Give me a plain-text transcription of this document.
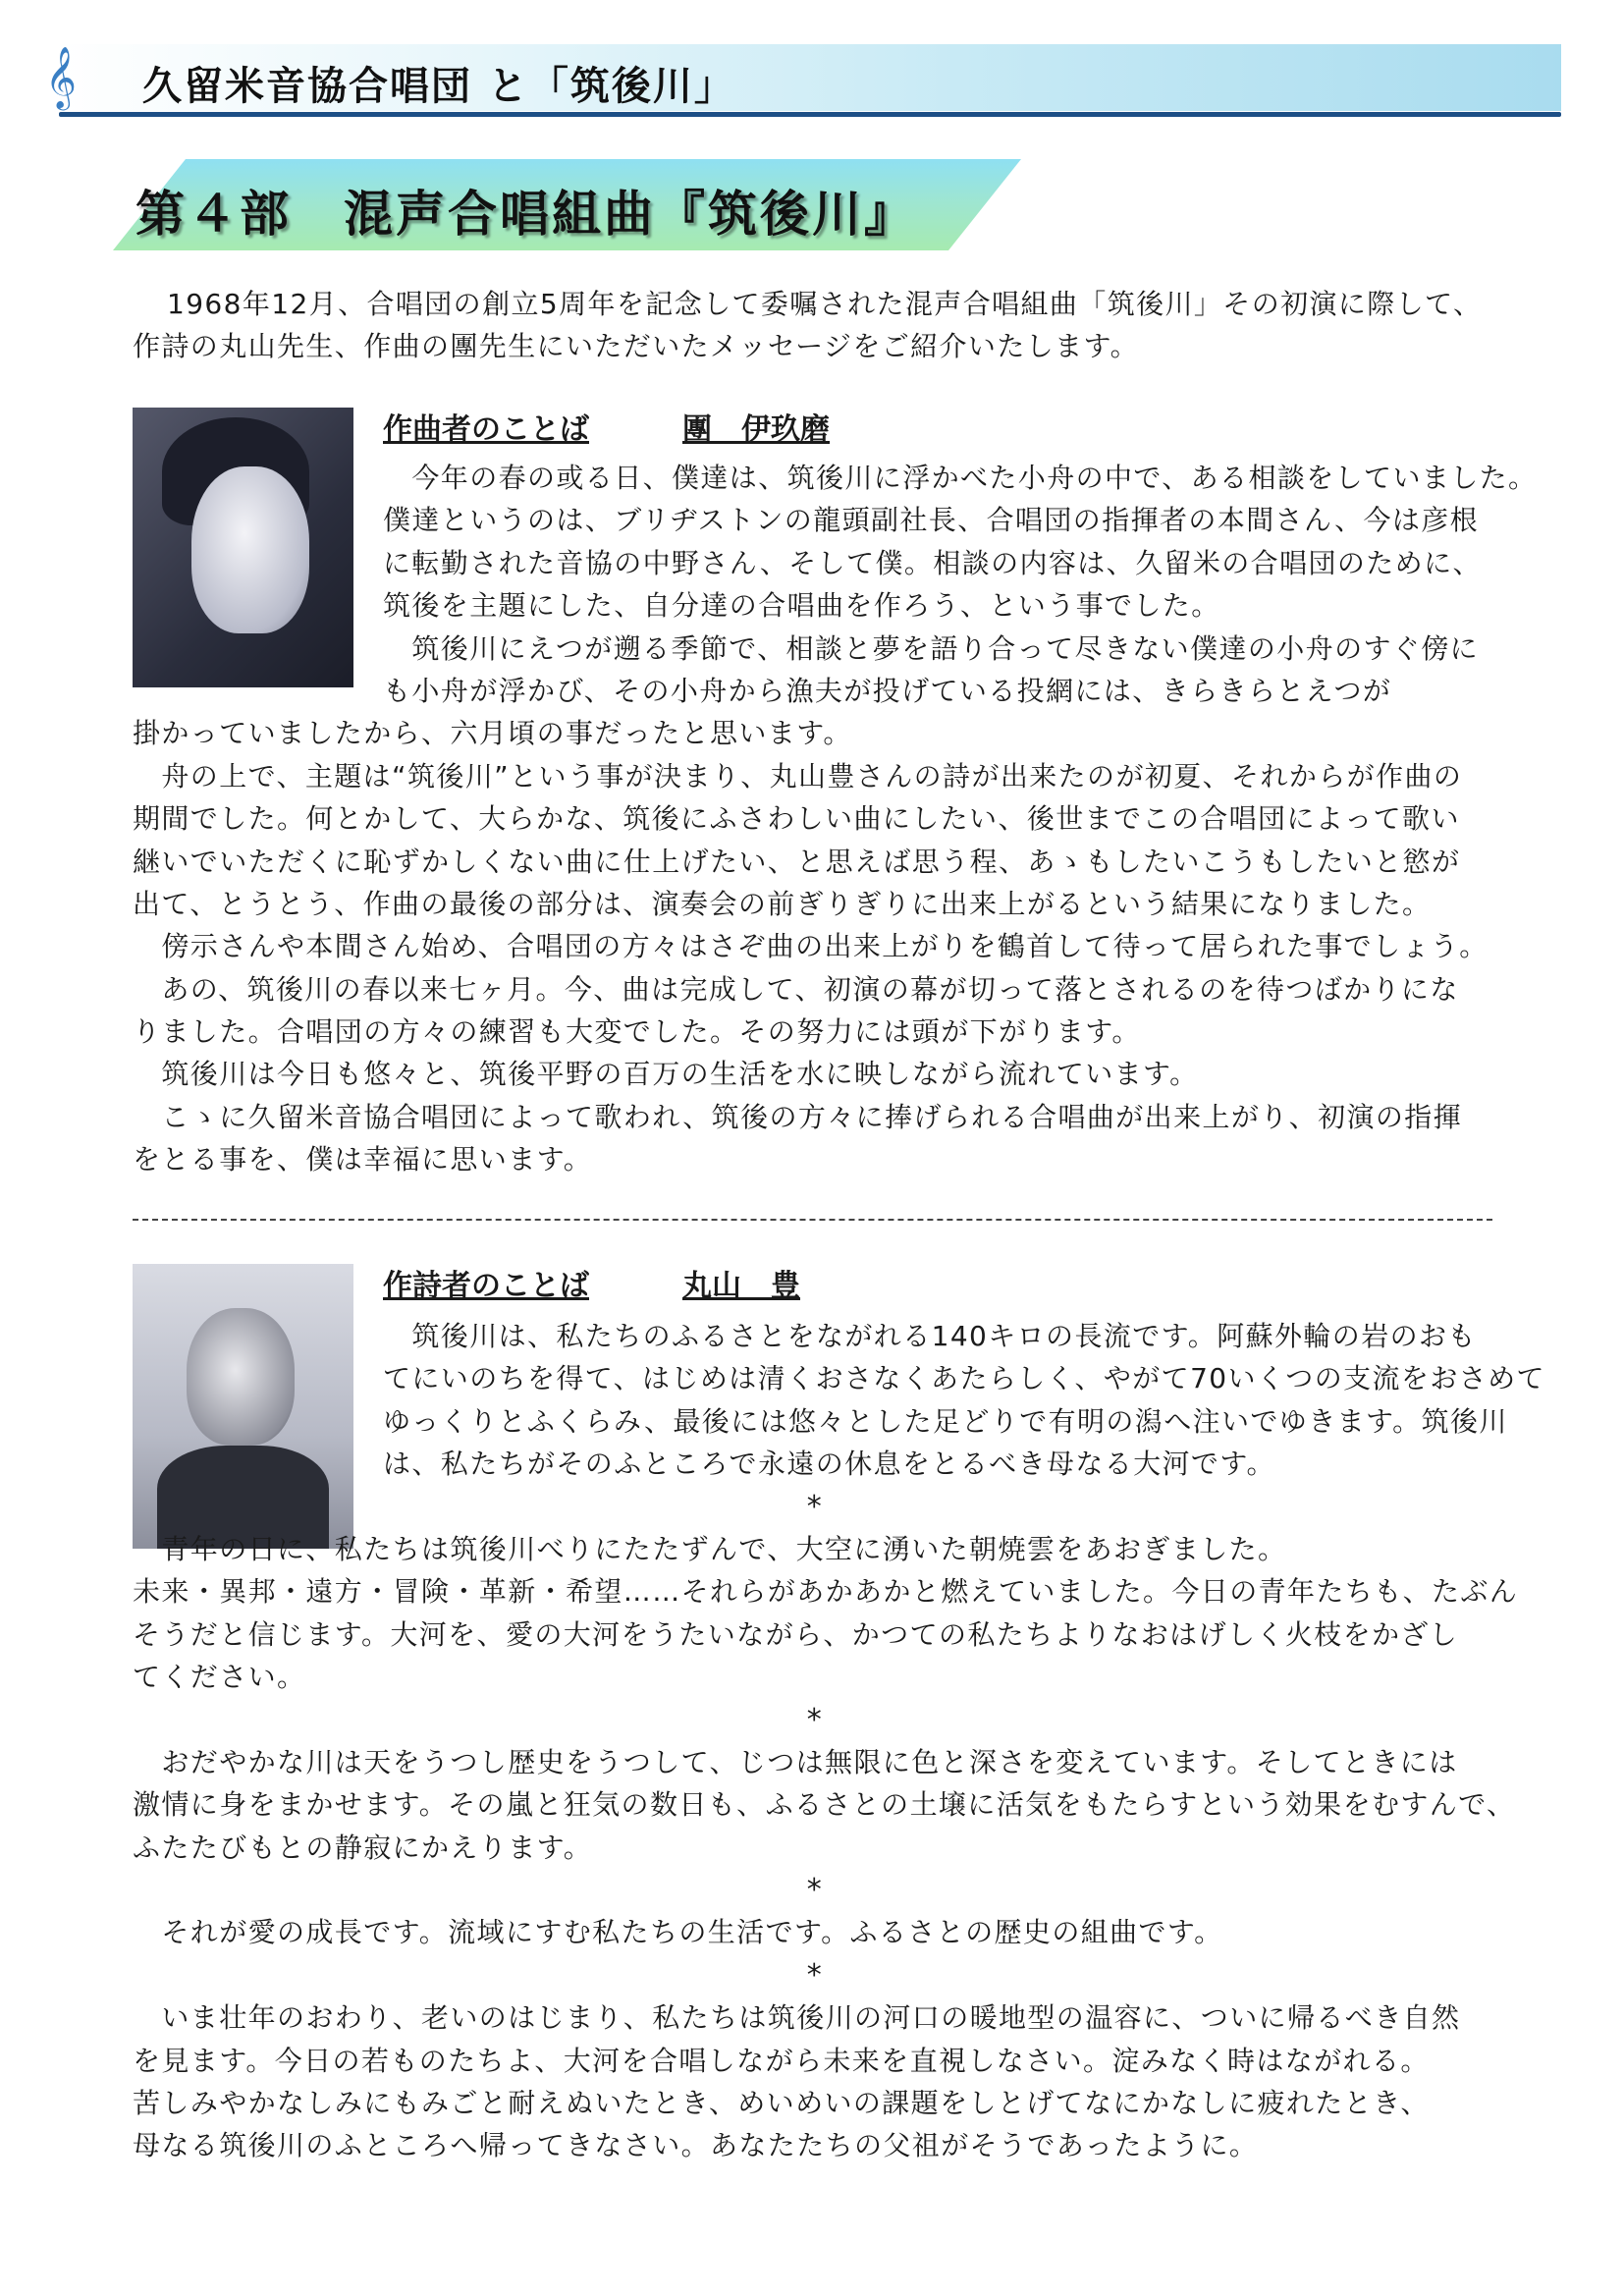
𝄞 久留米音協合唱団 と「筑後川」
第４部　混声合唱組曲『筑後川』
1968年12月、合唱団の創立5周年を記念して委嘱された混声合唱組曲「筑後川」その初演に際して、
作詩の丸山先生、作曲の團先生にいただいたメッセージをご紹介いたします。
作曲者のことば	團　伊玖磨
　今年の春の或る日、僕達は、筑後川に浮かべた小舟の中で、ある相談をしていました。
僕達というのは、ブリヂストンの龍頭副社長、合唱団の指揮者の本間さん、今は彦根
に転勤された音協の中野さん、そして僕。相談の内容は、久留米の合唱団のために、
筑後を主題にした、自分達の合唱曲を作ろう、という事でした。
　筑後川にえつが遡る季節で、相談と夢を語り合って尽きない僕達の小舟のすぐ傍に
も小舟が浮かび、その小舟から漁夫が投げている投網には、きらきらとえつが
掛かっていましたから、六月頃の事だったと思います。
　舟の上で、主題は“筑後川”という事が決まり、丸山豊さんの詩が出来たのが初夏、それからが作曲の
期間でした。何とかして、大らかな、筑後にふさわしい曲にしたい、後世までこの合唱団によって歌い
継いでいただくに恥ずかしくない曲に仕上げたい、と思えば思う程、あゝもしたいこうもしたいと慾が
出て、とうとう、作曲の最後の部分は、演奏会の前ぎりぎりに出来上がるという結果になりました。
　傍示さんや本間さん始め、合唱団の方々はさぞ曲の出来上がりを鶴首して待って居られた事でしょう。
　あの、筑後川の春以来七ヶ月。今、曲は完成して、初演の幕が切って落とされるのを待つばかりにな
りました。合唱団の方々の練習も大変でした。その努力には頭が下がります。
　筑後川は今日も悠々と、筑後平野の百万の生活を水に映しながら流れています。
　こゝに久留米音協合唱団によって歌われ、筑後の方々に捧げられる合唱曲が出来上がり、初演の指揮
をとる事を、僕は幸福に思います。
作詩者のことば	丸山　豊
　筑後川は、私たちのふるさとをながれる140キロの長流です。阿蘇外輪の岩のおも
てにいのちを得て、はじめは清くおさなくあたらしく、やがて70いくつの支流をおさめて
ゆっくりとふくらみ、最後には悠々とした足どりで有明の潟へ注いでゆきます。筑後川
は、私たちがそのふところで永遠の休息をとるべき母なる大河です。
*
　青年の日に、私たちは筑後川べりにたたずんで、大空に湧いた朝焼雲をあおぎました。
未来・異邦・遠方・冒険・革新・希望……それらがあかあかと燃えていました。今日の青年たちも、たぶん
そうだと信じます。大河を、愛の大河をうたいながら、かつての私たちよりなおはげしく火枝をかざし
てください。
*
　おだやかな川は天をうつし歴史をうつして、じつは無限に色と深さを変えています。そしてときには
激情に身をまかせます。その嵐と狂気の数日も、ふるさとの土壌に活気をもたらすという効果をむすんで、
ふたたびもとの静寂にかえります。
*
　それが愛の成長です。流域にすむ私たちの生活です。ふるさとの歴史の組曲です。
*
　いま壮年のおわり、老いのはじまり、私たちは筑後川の河口の暖地型の温容に、ついに帰るべき自然
を見ます。今日の若ものたちよ、大河を合唱しながら未来を直視しなさい。淀みなく時はながれる。
苦しみやかなしみにもみごと耐えぬいたとき、めいめいの課題をしとげてなにかなしに疲れたとき、
母なる筑後川のふところへ帰ってきなさい。あなたたちの父祖がそうであったように。
